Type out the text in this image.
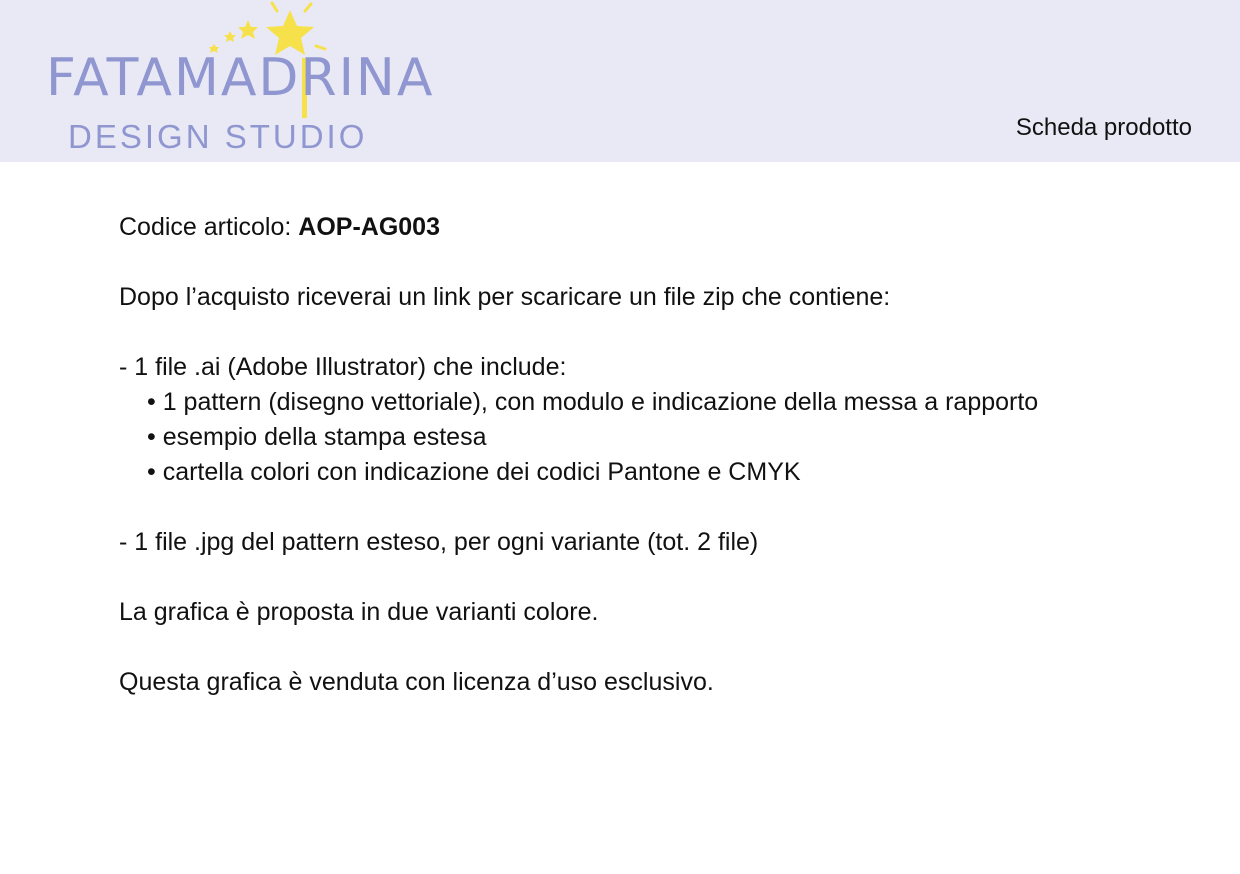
FATAMADRINA
DESIGN STUDIO	Scheda prodotto

Codice articolo: AOP-AG003

Dopo l’acquisto riceverai un link per scaricare un file zip che contiene:

- 1 file .ai (Adobe Illustrator) che include:

• 1 pattern (disegno vettoriale), con modulo e indicazione della messa a rapporto

• esempio della stampa estesa

• cartella colori con indicazione dei codici Pantone e CMYK

- 1 file .jpg del pattern esteso, per ogni variante (tot. 2 file)

La grafica è proposta in due varianti colore.

Questa grafica è venduta con licenza d’uso esclusivo.
